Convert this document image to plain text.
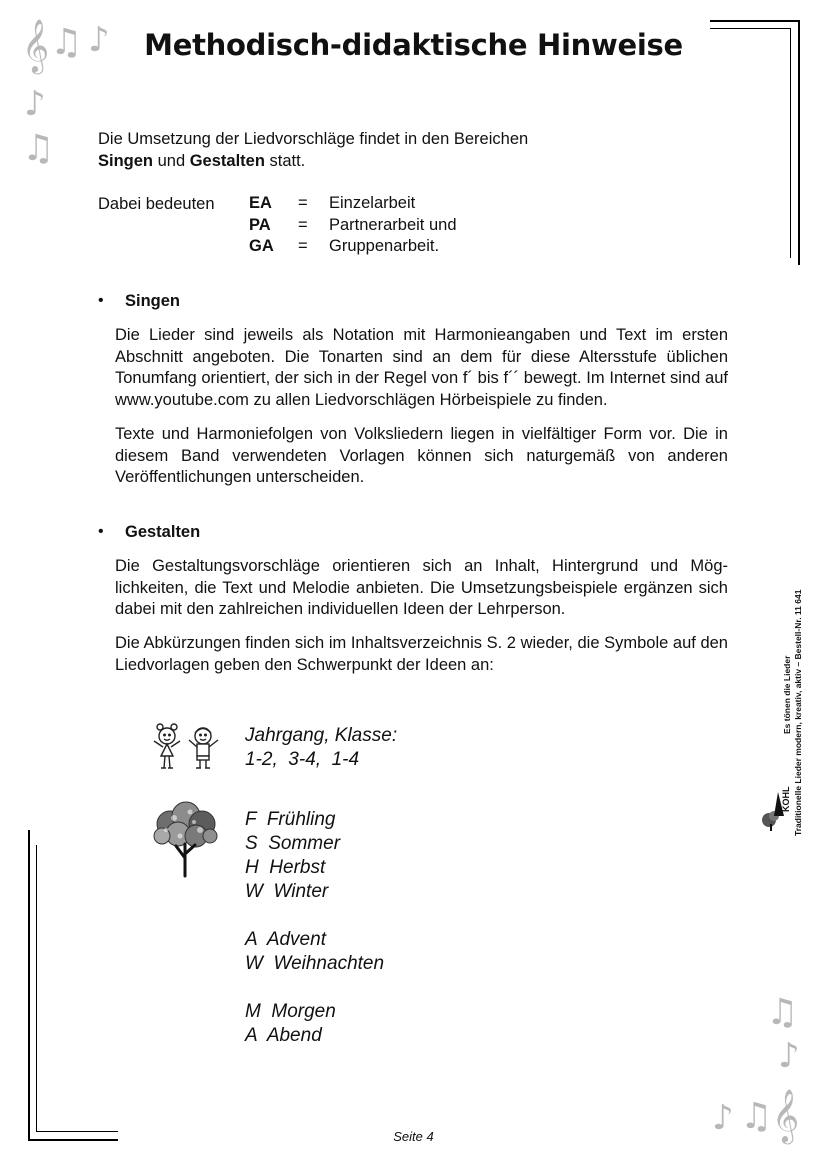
𝄞 ♫ ♪
♪
♫
♫
♪
♪ ♫ 𝄞
Methodisch-didaktische Hinweise
Die Umsetzung der Liedvorschläge findet in den Bereichen
Singen und Gestalten statt.
Dabei bedeuten EA = Einzelarbeit
PA = Partnerarbeit und
GA = Gruppenarbeit.
• Singen
Die Lieder sind jeweils als Notation mit Harmonieangaben und Text im ersten Abschnitt angeboten. Die Tonarten sind an dem für diese Altersstufe üblichen Tonumfang orientiert, der sich in der Regel von f´ bis f´´ bewegt. Im Internet sind auf www.youtube.com zu allen Liedvorschlägen Hörbeispiele zu finden.
Texte und Harmoniefolgen von Volksliedern liegen in vielfältiger Form vor. Die in diesem Band verwendeten Vorlagen können sich naturgemäß von anderen Veröffentlichungen unterscheiden.
• Gestalten
Die Gestaltungsvorschläge orientieren sich an Inhalt, Hintergrund und Mög-lichkeiten, die Text und Melodie anbieten. Die Umsetzungsbeispiele ergänzen sich dabei mit den zahlreichen individuellen Ideen der Lehrperson.
Die Abkürzungen finden sich im Inhaltsverzeichnis S. 2 wieder, die Symbole auf den Liedvorlagen geben den Schwerpunkt der Ideen an:
Jahrgang, Klasse:
1-2,  3-4,  1-4
F  Frühling
S  Sommer
H  Herbst
W  Winter
A  Advent
W  Weihnachten
M  Morgen
A  Abend
Es tönen die Lieder Traditionelle Lieder modern, kreativ, aktiv – Bestell-Nr. 11 641
KOHL
Seite 4
